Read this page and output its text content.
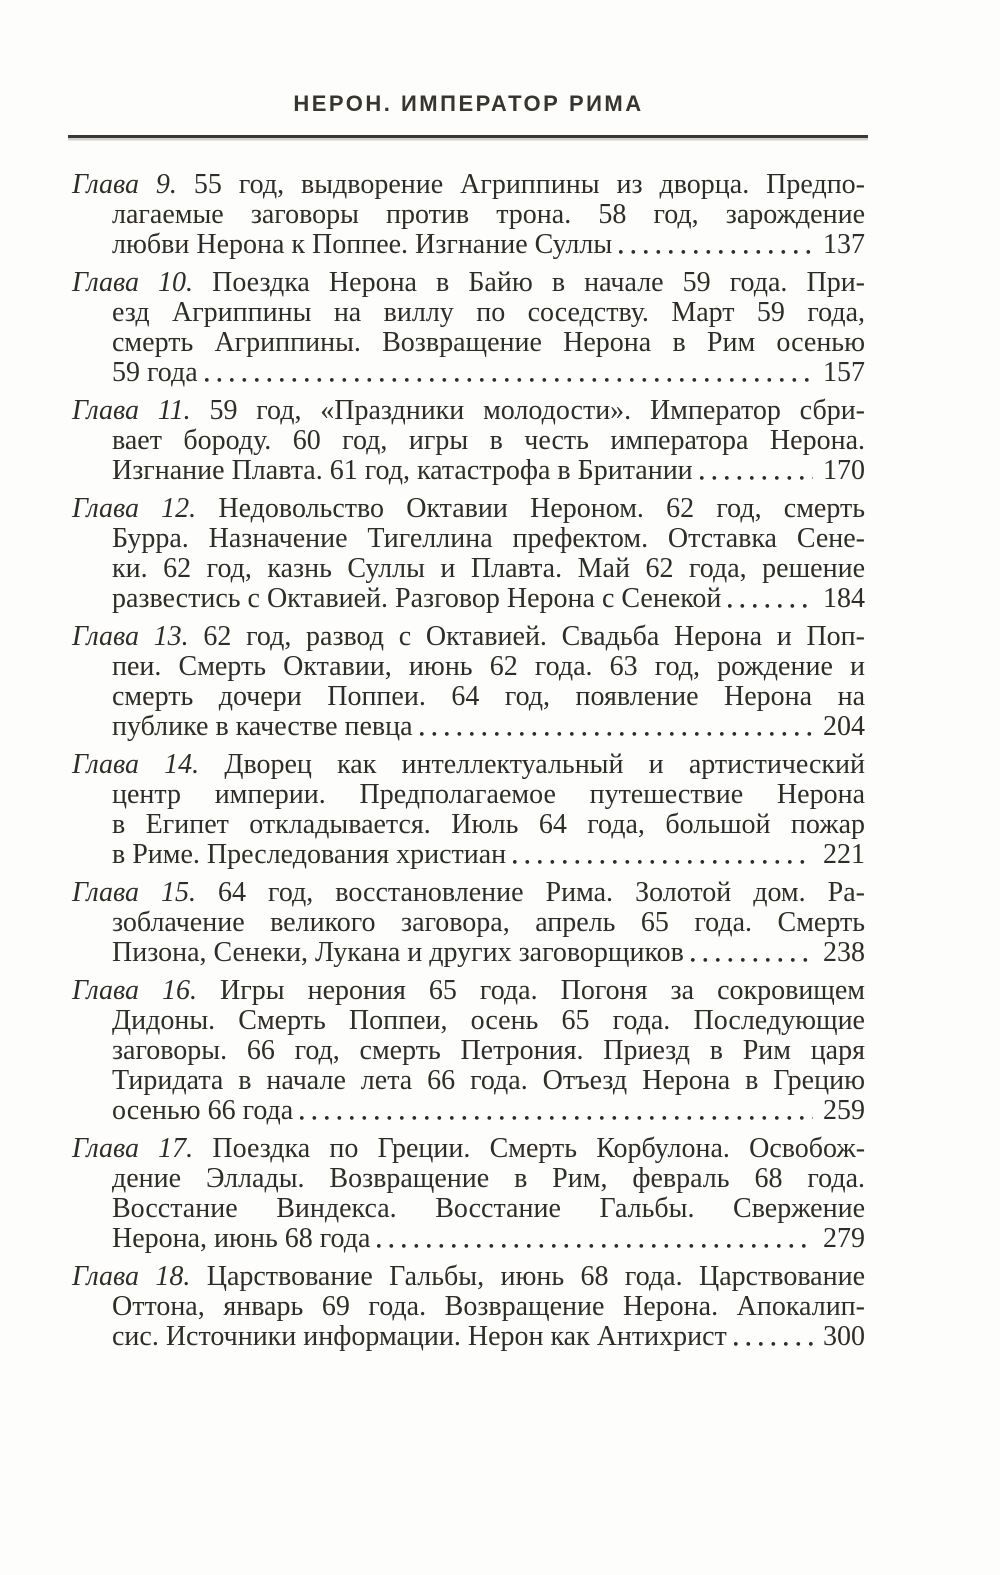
НЕРОН. ИМПЕРАТОР РИМА
Глава 9. 55 год, выдворение Агриппины из дворца. Предпо-
лагаемые заговоры против трона. 58 год, зарождение
любви Нерона к Поппее. Изгнание Суллы	137
Глава 10. Поездка Нерона в Байю в начале 59 года. При-
езд Агриппины на виллу по соседству. Март 59 года,
смерть Агриппины. Возвращение Нерона в Рим осенью
59 года	157
Глава 11. 59 год, «Праздники молодости». Император сбри-
вает бороду. 60 год, игры в честь императора Нерона.
Изгнание Плавта. 61 год, катастрофа в Британии	170
Глава 12. Недовольство Октавии Нероном. 62 год, смерть
Бурра. Назначение Тигеллина префектом. Отставка Сене-
ки. 62 год, казнь Суллы и Плавта. Май 62 года, решение
развестись с Октавией. Разговор Нерона с Сенекой	184
Глава 13. 62 год, развод с Октавией. Свадьба Нерона и Поп-
пеи. Смерть Октавии, июнь 62 года. 63 год, рождение и
смерть дочери Поппеи. 64 год, появление Нерона на
публике в качестве певца	204
Глава 14. Дворец как интеллектуальный и артистический
центр империи. Предполагаемое путешествие Нерона
в Египет откладывается. Июль 64 года, большой пожар
в Риме. Преследования христиан	221
Глава 15. 64 год, восстановление Рима. Золотой дом. Ра-
зоблачение великого заговора, апрель 65 года. Смерть
Пизона, Сенеки, Лукана и других заговорщиков	238
Глава 16. Игры нерония 65 года. Погоня за сокровищем
Дидоны. Смерть Поппеи, осень 65 года. Последующие
заговоры. 66 год, смерть Петрония. Приезд в Рим царя
Тиридата в начале лета 66 года. Отъезд Нерона в Грецию
осенью 66 года	259
Глава 17. Поездка по Греции. Смерть Корбулона. Освобож-
дение Эллады. Возвращение в Рим, февраль 68 года.
Восстание Виндекса. Восстание Гальбы. Свержение
Нерона, июнь 68 года	279
Глава 18. Царствование Гальбы, июнь 68 года. Царствование
Оттона, январь 69 года. Возвращение Нерона. Апокалип-
сис. Источники информации. Нерон как Антихрист	300
